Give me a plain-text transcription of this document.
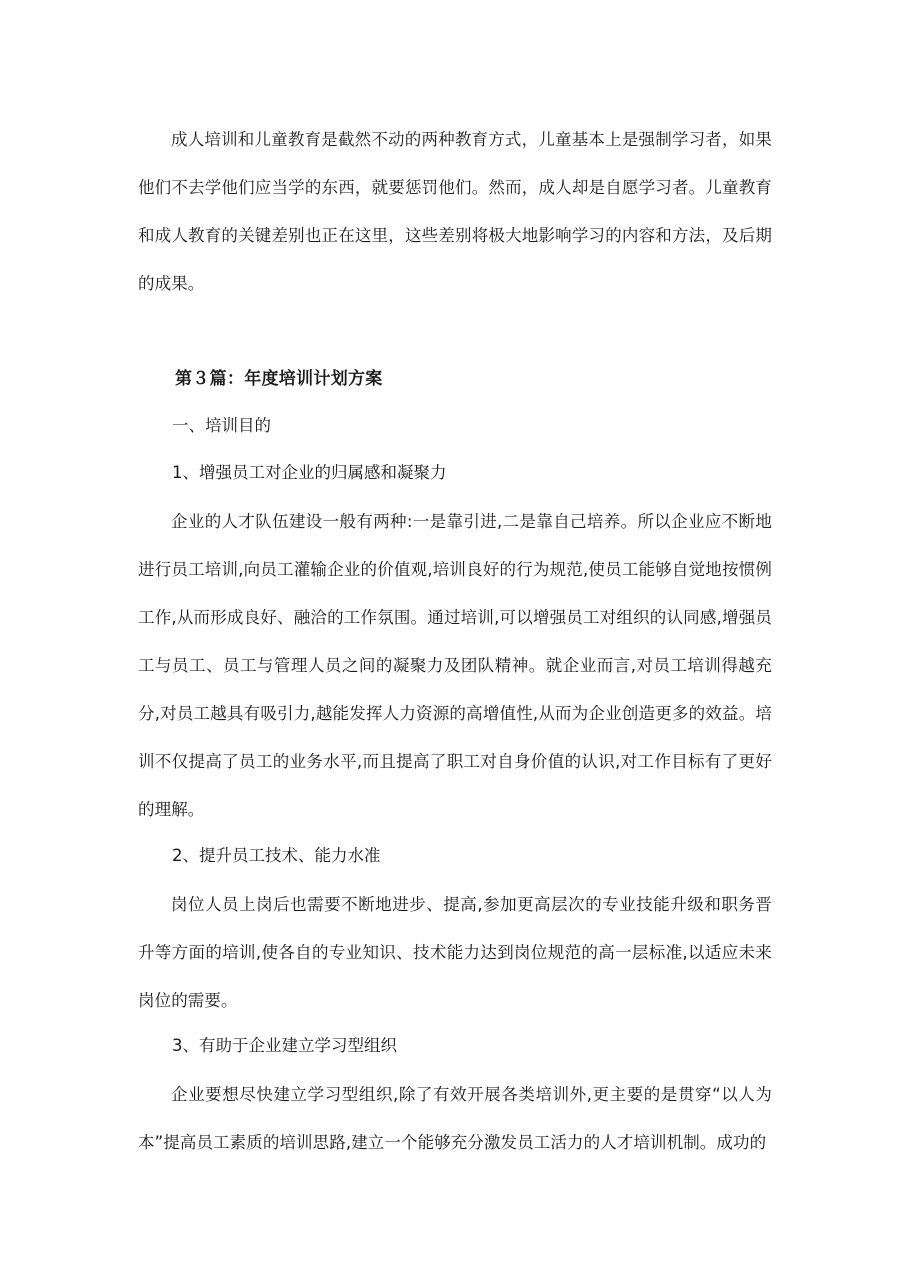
成人培训和儿童教育是截然不动的两种教育方式，儿童基本上是强制学习者，如果他们不去学他们应当学的东西，就要惩罚他们。然而，成人却是自愿学习者。儿童教育和成人教育的关键差别也正在这里，这些差别将极大地影响学习的内容和方法，及后期的成果。

第３篇：年度培训计划方案

一、培训目的

1、增强员工对企业的归属感和凝聚力

企业的人才队伍建设一般有两种:一是靠引进,二是靠自己培养。所以企业应不断地进行员工培训,向员工灌输企业的价值观,培训良好的行为规范,使员工能够自觉地按惯例工作,从而形成良好、融洽的工作氛围。通过培训,可以增强员工对组织的认同感,增强员工与员工、员工与管理人员之间的凝聚力及团队精神。就企业而言,对员工培训得越充分,对员工越具有吸引力,越能发挥人力资源的高增值性,从而为企业创造更多的效益。培训不仅提高了员工的业务水平,而且提高了职工对自身价值的认识,对工作目标有了更好的理解。

2、提升员工技术、能力水准

岗位人员上岗后也需要不断地进步、提高,参加更高层次的专业技能升级和职务晋升等方面的培训,使各自的专业知识、技术能力达到岗位规范的高一层标准,以适应未来岗位的需要。

3、有助于企业建立学习型组织

企业要想尽快建立学习型组织,除了有效开展各类培训外,更主要的是贯穿“以人为本”提高员工素质的培训思路,建立一个能够充分激发员工活力的人才培训机制。成功的
